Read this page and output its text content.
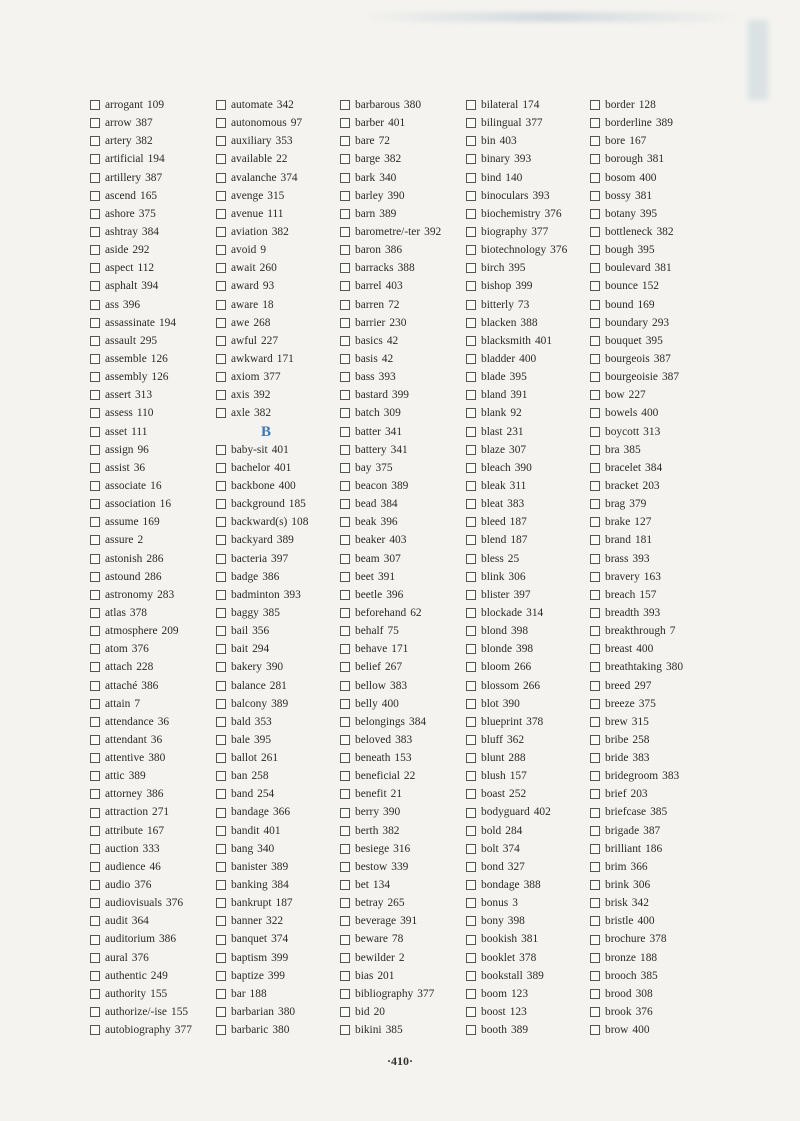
arrogant 109
arrow 387
artery 382
artificial 194
artillery 387
ascend 165
ashore 375
ashtray 384
aside 292
aspect 112
asphalt 394
ass 396
assassinate 194
assault 295
assemble 126
assembly 126
assert 313
assess 110
asset 111
assign 96
assist 36
associate 16
association 16
assume 169
assure 2
astonish 286
astound 286
astronomy 283
atlas 378
atmosphere 209
atom 376
attach 228
attaché 386
attain 7
attendance 36
attendant 36
attentive 380
attic 389
attorney 386
attraction 271
attribute 167
auction 333
audience 46
audio 376
audiovisuals 376
audit 364
auditorium 386
aural 376
authentic 249
authority 155
authorize/-ise 155
autobiography 377
automate 342
autonomous 97
auxiliary 353
available 22
avalanche 374
avenge 315
avenue 111
aviation 382
avoid 9
await 260
award 93
aware 18
awe 268
awful 227
awkward 171
axiom 377
axis 392
axle 382
B
baby-sit 401
bachelor 401
backbone 400
background 185
backward(s) 108
backyard 389
bacteria 397
badge 386
badminton 393
baggy 385
bail 356
bait 294
bakery 390
balance 281
balcony 389
bald 353
bale 395
ballot 261
ban 258
band 254
bandage 366
bandit 401
bang 340
banister 389
banking 384
bankrupt 187
banner 322
banquet 374
baptism 399
baptize 399
bar 188
barbarian 380
barbaric 380
barbarous 380
barber 401
bare 72
barge 382
bark 340
barley 390
barn 389
barometre/-ter 392
baron 386
barracks 388
barrel 403
barren 72
barrier 230
basics 42
basis 42
bass 393
bastard 399
batch 309
batter 341
battery 341
bay 375
beacon 389
bead 384
beak 396
beaker 403
beam 307
beet 391
beetle 396
beforehand 62
behalf 75
behave 171
belief 267
bellow 383
belly 400
belongings 384
beloved 383
beneath 153
beneficial 22
benefit 21
berry 390
berth 382
besiege 316
bestow 339
bet 134
betray 265
beverage 391
beware 78
bewilder 2
bias 201
bibliography 377
bid 20
bikini 385
bilateral 174
bilingual 377
bin 403
binary 393
bind 140
binoculars 393
biochemistry 376
biography 377
biotechnology 376
birch 395
bishop 399
bitterly 73
blacken 388
blacksmith 401
bladder 400
blade 395
bland 391
blank 92
blast 231
blaze 307
bleach 390
bleak 311
bleat 383
bleed 187
blend 187
bless 25
blink 306
blister 397
blockade 314
blond 398
blonde 398
bloom 266
blossom 266
blot 390
blueprint 378
bluff 362
blunt 288
blush 157
boast 252
bodyguard 402
bold 284
bolt 374
bond 327
bondage 388
bonus 3
bony 398
bookish 381
booklet 378
bookstall 389
boom 123
boost 123
booth 389
border 128
borderline 389
bore 167
borough 381
bosom 400
bossy 381
botany 395
bottleneck 382
bough 395
boulevard 381
bounce 152
bound 169
boundary 293
bouquet 395
bourgeois 387
bourgeoisie 387
bow 227
bowels 400
boycott 313
bra 385
bracelet 384
bracket 203
brag 379
brake 127
brand 181
brass 393
bravery 163
breach 157
breadth 393
breakthrough 7
breast 400
breathtaking 380
breed 297
breeze 375
brew 315
bribe 258
bride 383
bridegroom 383
brief 203
briefcase 385
brigade 387
brilliant 186
brim 366
brink 306
brisk 342
bristle 400
brochure 378
bronze 188
brooch 385
brood 308
brook 376
brow 400
·410·
